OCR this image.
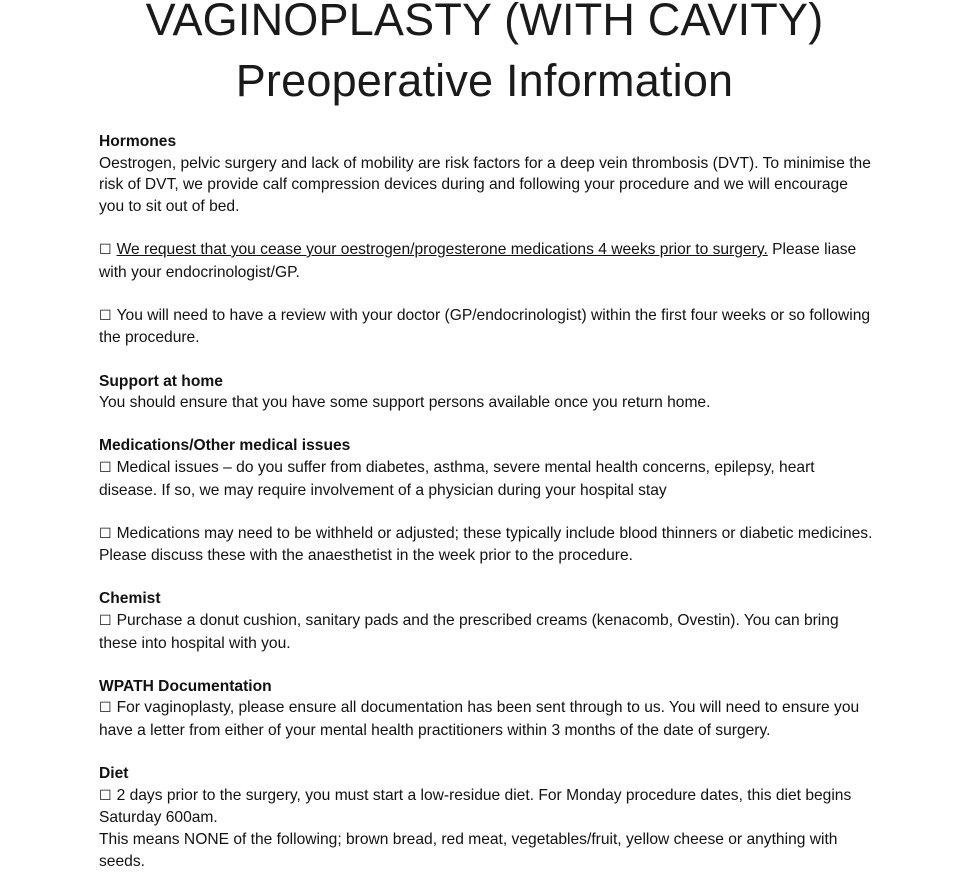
VAGINOPLASTY (WITH CAVITY)
Preoperative Information

Hormones

Oestrogen, pelvic surgery and lack of mobility are risk factors for a deep vein thrombosis (DVT). To minimise the risk of DVT, we provide calf compression devices during and following your procedure and we will encourage you to sit out of bed.

☐ We request that you cease your oestrogen/progesterone medications 4 weeks prior to surgery. Please liase with your endocrinologist/GP.

☐ You will need to have a review with your doctor (GP/endocrinologist) within the first four weeks or so following the procedure.

Support at home

You should ensure that you have some support persons available once you return home.

Medications/Other medical issues

☐ Medical issues – do you suffer from diabetes, asthma, severe mental health concerns, epilepsy, heart disease. If so, we may require involvement of a physician during your hospital stay

☐ Medications may need to be withheld or adjusted; these typically include blood thinners or diabetic medicines. Please discuss these with the anaesthetist in the week prior to the procedure.

Chemist

☐ Purchase a donut cushion, sanitary pads and the prescribed creams (kenacomb, Ovestin). You can bring these into hospital with you.

WPATH Documentation

☐ For vaginoplasty, please ensure all documentation has been sent through to us. You will need to ensure you have a letter from either of your mental health practitioners within 3 months of the date of surgery.

Diet

☐ 2 days prior to the surgery, you must start a low-residue diet. For Monday procedure dates, this diet begins Saturday 600am.

This means NONE of the following; brown bread, red meat, vegetables/fruit, yellow cheese or anything with seeds.
